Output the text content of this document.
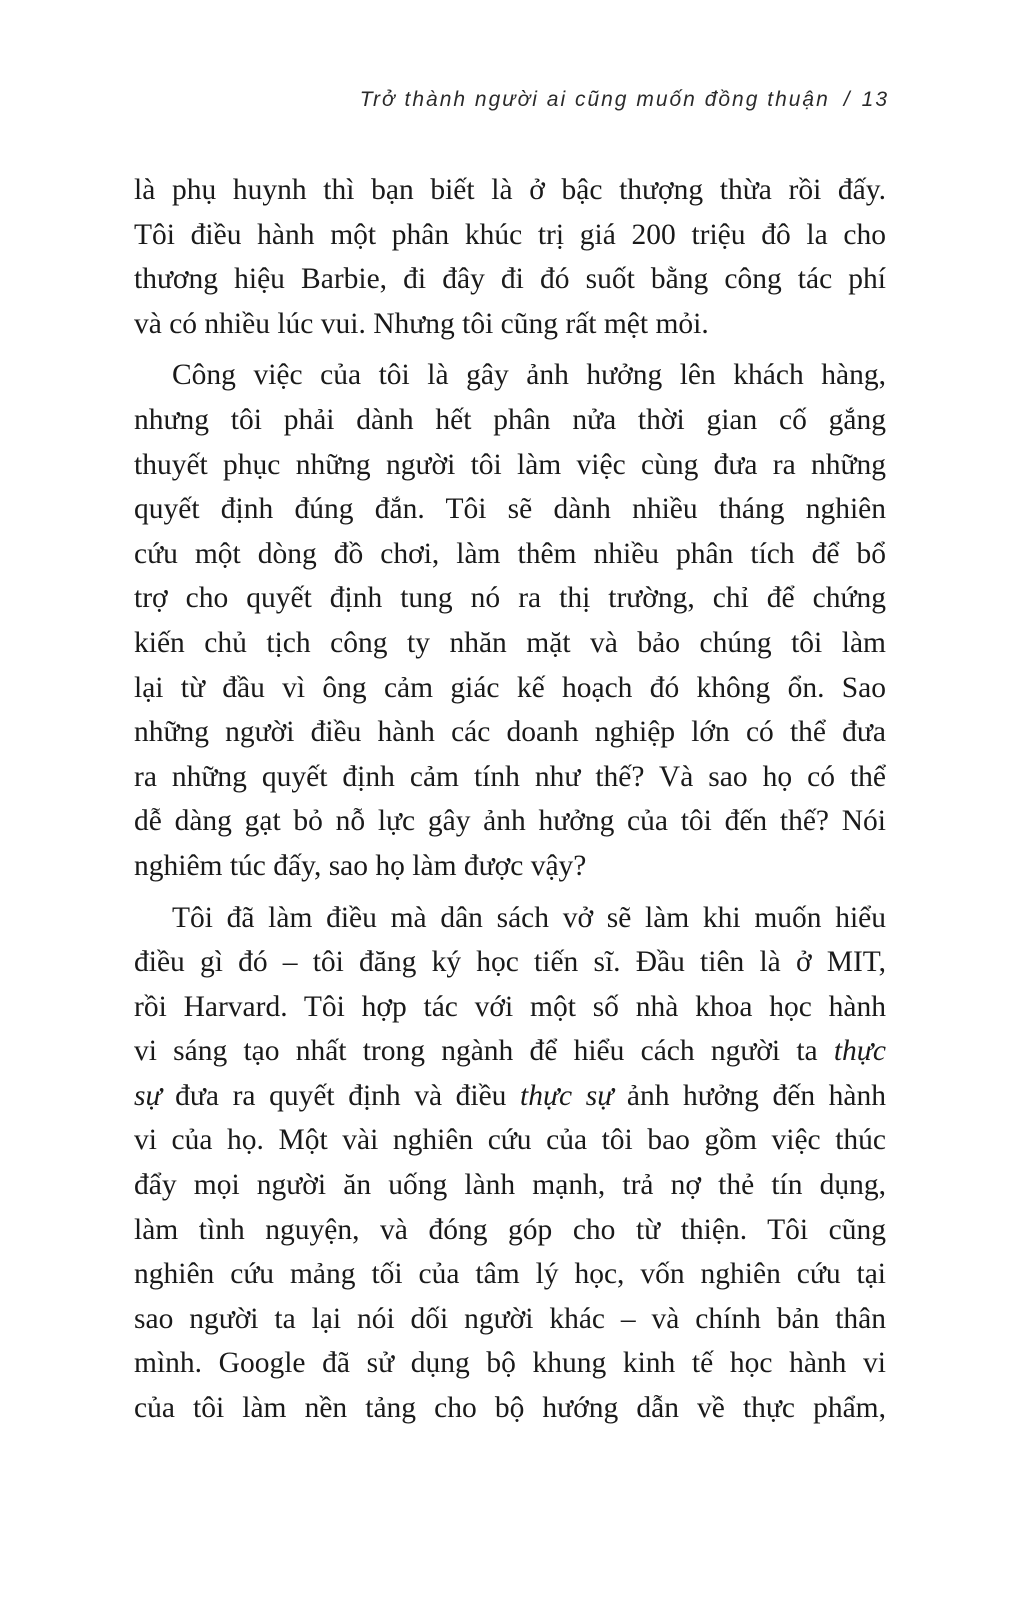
Trở thành người ai cũng muốn đồng thuận / 13

là phụ huynh thì bạn biết là ở bậc thượng thừa rồi đấy.
Tôi điều hành một phân khúc trị giá 200 triệu đô la cho
thương hiệu Barbie, đi đây đi đó suốt bằng công tác phí
và có nhiều lúc vui. Nhưng tôi cũng rất mệt mỏi.

Công việc của tôi là gây ảnh hưởng lên khách hàng,
nhưng tôi phải dành hết phân nửa thời gian cố gắng
thuyết phục những người tôi làm việc cùng đưa ra những
quyết định đúng đắn. Tôi sẽ dành nhiều tháng nghiên
cứu một dòng đồ chơi, làm thêm nhiều phân tích để bổ
trợ cho quyết định tung nó ra thị trường, chỉ để chứng
kiến chủ tịch công ty nhăn mặt và bảo chúng tôi làm
lại từ đầu vì ông cảm giác kế hoạch đó không ổn. Sao
những người điều hành các doanh nghiệp lớn có thể đưa
ra những quyết định cảm tính như thế? Và sao họ có thể
dễ dàng gạt bỏ nỗ lực gây ảnh hưởng của tôi đến thế? Nói
nghiêm túc đấy, sao họ làm được vậy?

Tôi đã làm điều mà dân sách vở sẽ làm khi muốn hiểu
điều gì đó – tôi đăng ký học tiến sĩ. Đầu tiên là ở MIT,
rồi Harvard. Tôi hợp tác với một số nhà khoa học hành
vi sáng tạo nhất trong ngành để hiểu cách người ta thực
sự đưa ra quyết định và điều thực sự ảnh hưởng đến hành
vi của họ. Một vài nghiên cứu của tôi bao gồm việc thúc
đẩy mọi người ăn uống lành mạnh, trả nợ thẻ tín dụng,
làm tình nguyện, và đóng góp cho từ thiện. Tôi cũng
nghiên cứu mảng tối của tâm lý học, vốn nghiên cứu tại
sao người ta lại nói dối người khác – và chính bản thân
mình. Google đã sử dụng bộ khung kinh tế học hành vi
của tôi làm nền tảng cho bộ hướng dẫn về thực phẩm,
